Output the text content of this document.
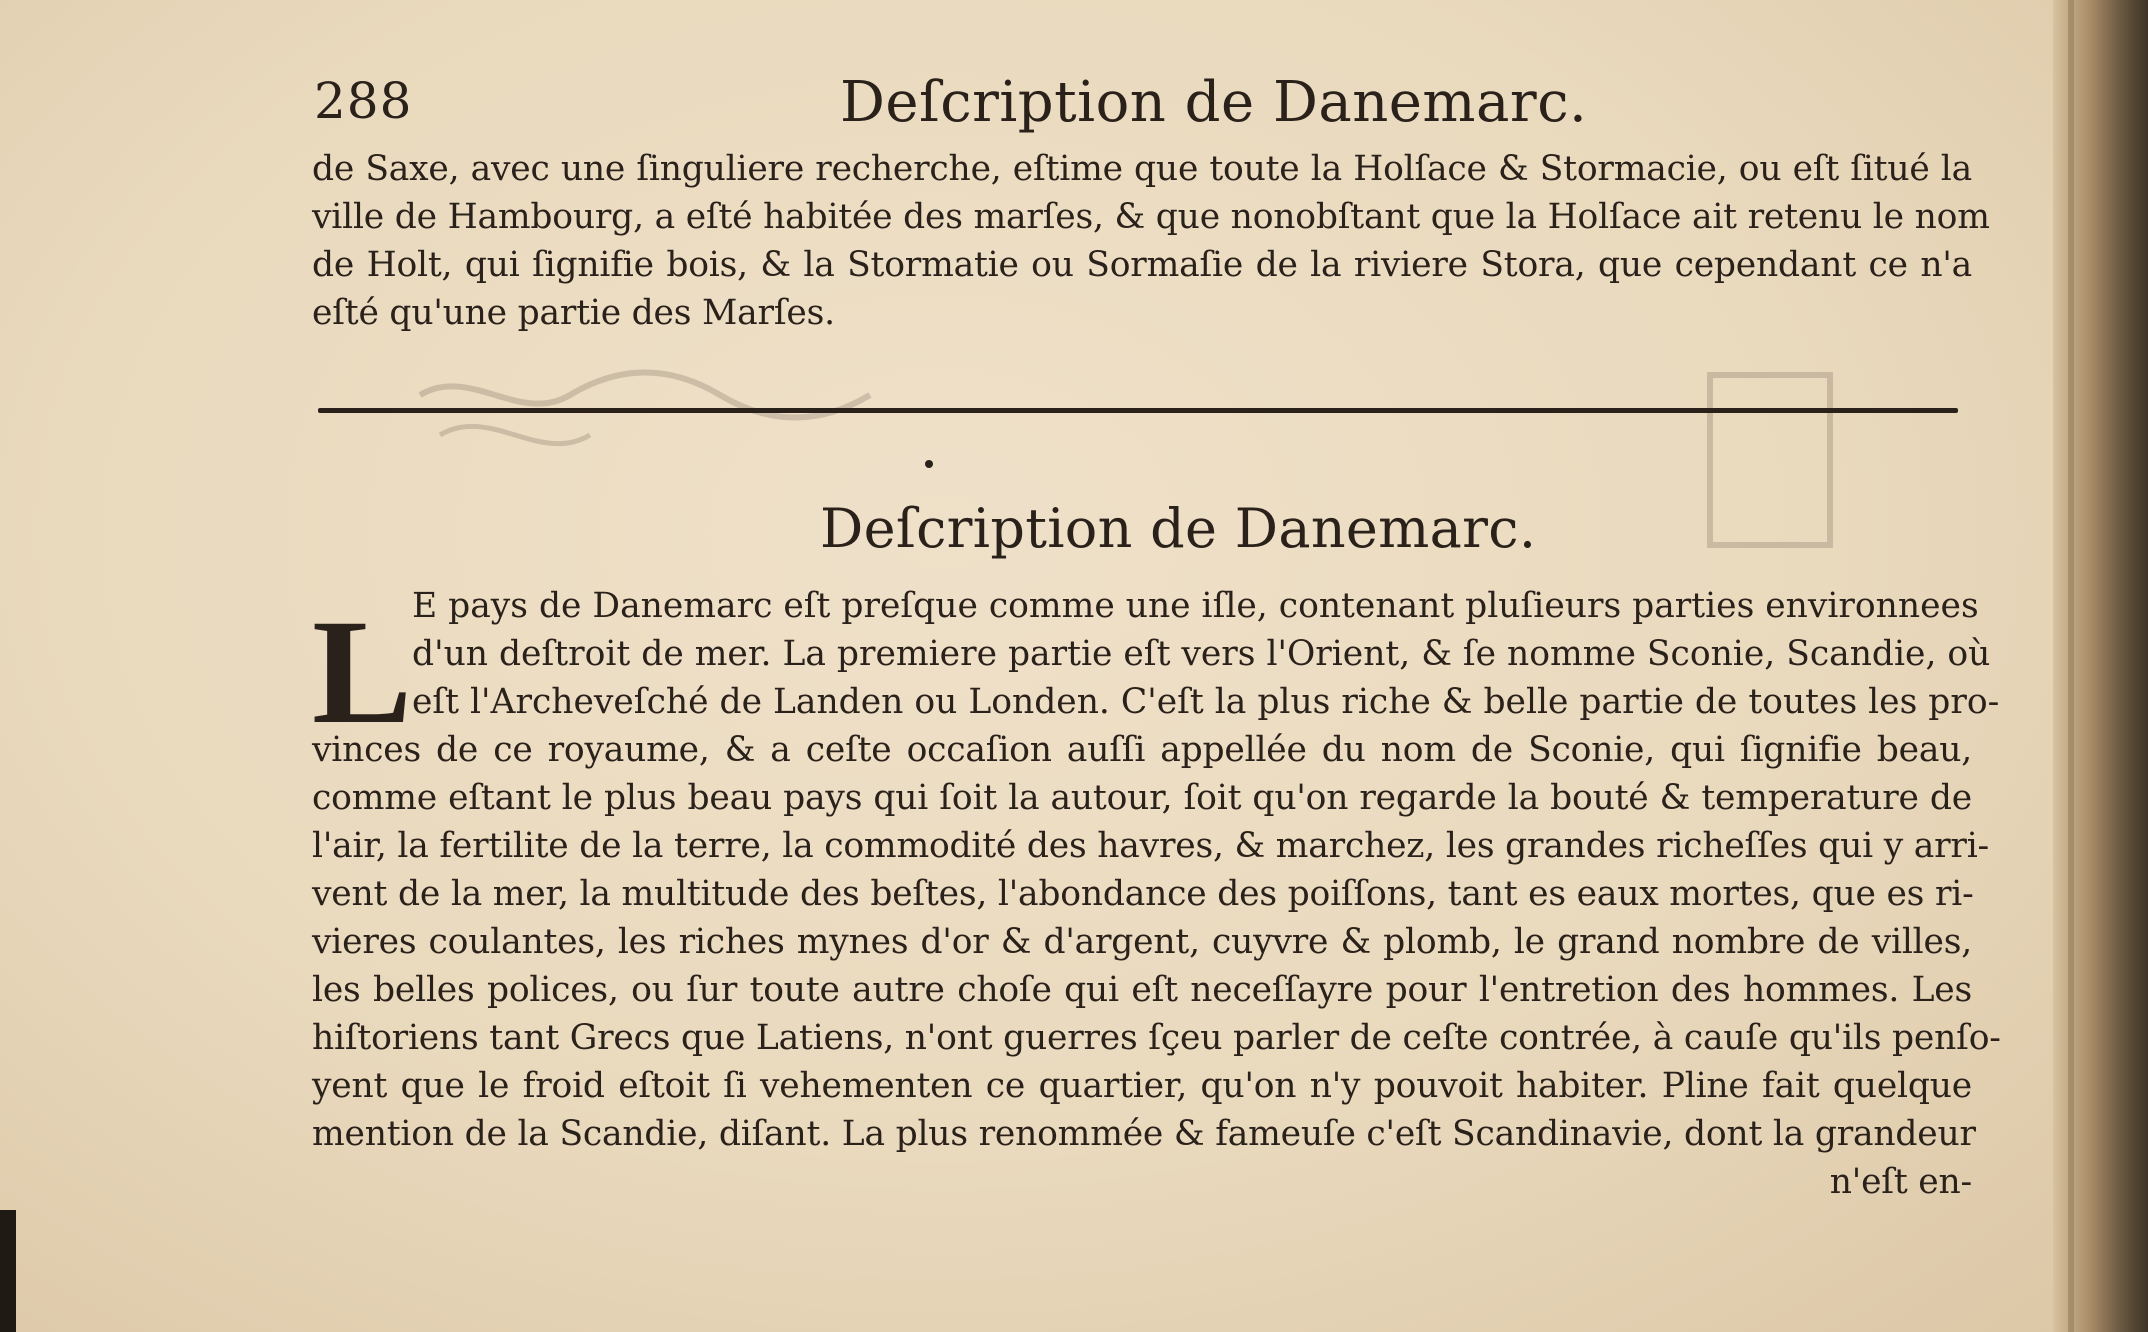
288	Deſcription de Danemarc.
de Saxe, avec une ſinguliere recherche, eſtime que toute la Holſace & Stormacie, ou eſt ſitué la
ville de Hambourg, a eſté habitée des marſes, & que nonobſtant que la Holſace ait retenu le nom
de Holt, qui ſignifie bois, & la Stormatie ou Sormaſie de la riviere Stora, que cependant ce n'a
eſté qu'une partie des Marſes.
Deſcription de Danemarc.
L E pays de Danemarc eſt preſque comme une iſle, contenant pluſieurs parties environnees
d'un deſtroit de mer. La premiere partie eſt vers l'Orient, & ſe nomme Sconie, Scandie, où
eſt l'Archeveſché de Landen ou Londen. C'eſt la plus riche & belle partie de toutes les pro-
vinces de ce royaume, & a ceſte occaſion auſſi appellée du nom de Sconie, qui ſignifie beau,
comme eſtant le plus beau pays qui ſoit la autour, ſoit qu'on regarde la bouté & temperature de
l'air, la fertilite de la terre, la commodité des havres, & marchez, les grandes richeſſes qui y arri-
vent de la mer, la multitude des beſtes, l'abondance des poiſſons, tant es eaux mortes, que es ri-
vieres coulantes, les riches mynes d'or & d'argent, cuyvre & plomb, le grand nombre de villes,
les belles polices, ou ſur toute autre choſe qui eſt neceſſayre pour l'entretion des hommes. Les
hiſtoriens tant Grecs que Latiens, n'ont guerres ſçeu parler de ceſte contrée, à cauſe qu'ils penſo-
yent que le froid eſtoit ſi vehementen ce quartier, qu'on n'y pouvoit habiter. Pline fait quelque
mention de la Scandie, diſant. La plus renommée & fameuſe c'eſt Scandinavie, dont la grandeur
n'eſt en-
